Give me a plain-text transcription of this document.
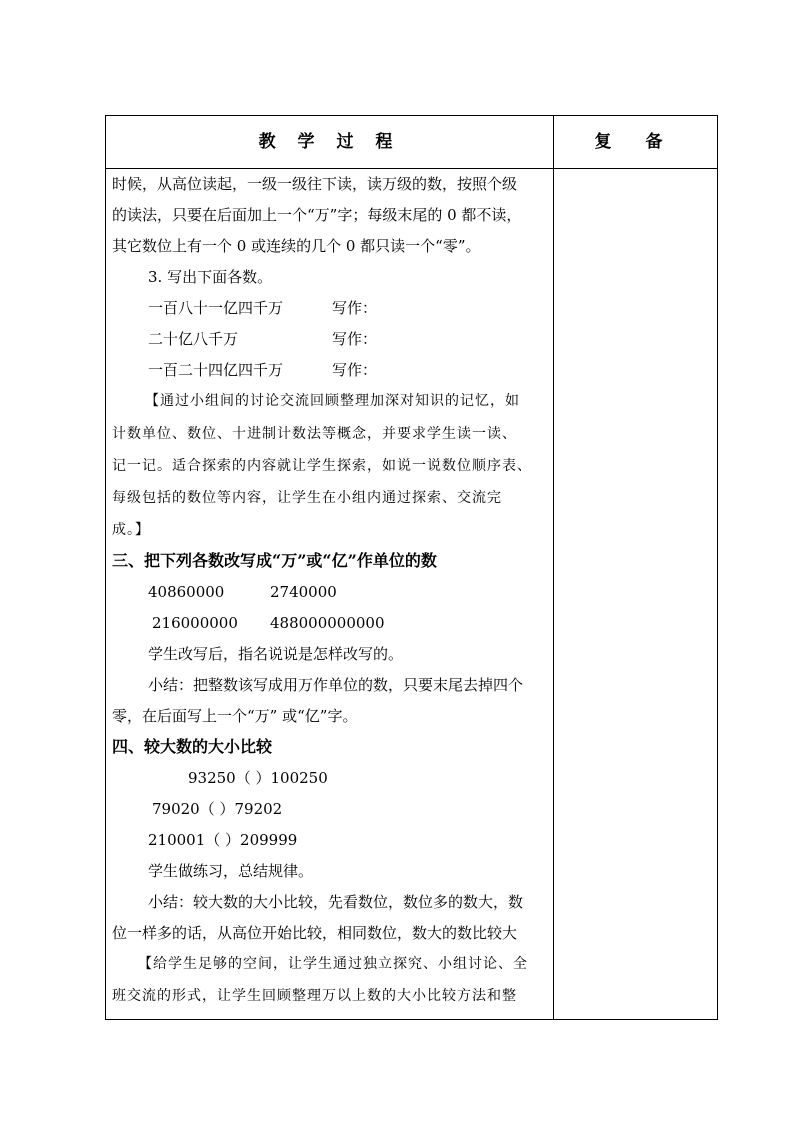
教 学 过 程	复 备
时候，从高位读起，一级一级往下读，读万级的数，按照个级
的读法，只要在后面加上一个“万”字；每级末尾的 0 都不读，
其它数位上有一个 0 或连续的几个 0 都只读一个“零”。
3. 写出下面各数。
一百八十一亿四千万	写作：
二十亿八千万	写作：
一百二十四亿四千万	写作：
【通过小组间的讨论交流回顾整理加深对知识的记忆，如
计数单位、数位、十进制计数法等概念，并要求学生读一读、
记一记。适合探索的内容就让学生探索，如说一说数位顺序表、
每级包括的数位等内容，让学生在小组内通过探索、交流完
成。】
三、把下列各数改写成“万”或“亿”作单位的数
40860000	2740000
216000000 488000000000
学生改写后，指名说说是怎样改写的。
小结：把整数该写成用万作单位的数，只要末尾去掉四个
零，在后面写上一个“万” 或“亿”字。
四、较大数的大小比较
93250（ ）100250
79020（ ）79202
210001（ ）209999
学生做练习，总结规律。
小结：较大数的大小比较，先看数位，数位多的数大，数
位一样多的话，从高位开始比较，相同数位，数大的数比较大
【给学生足够的空间，让学生通过独立探究、小组讨论、全
班交流的形式，让学生回顾整理万以上数的大小比较方法和整
